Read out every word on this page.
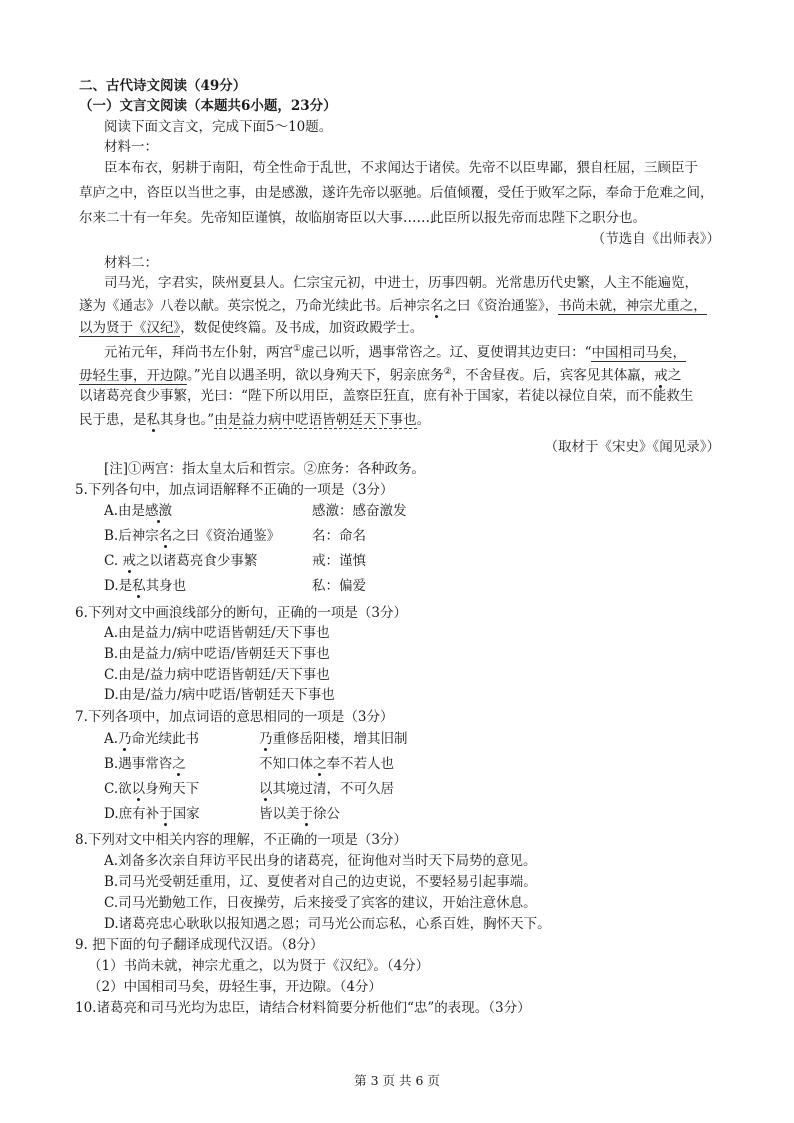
二、古代诗文阅读（49分）
（一）文言文阅读（本题共6小题，23分）
阅读下面文言文，完成下面5～10题。
材料一：
臣本布衣，躬耕于南阳，苟全性命于乱世，不求闻达于诸侯。先帝不以臣卑鄙，猥自枉屈，三顾臣于
草庐之中，咨臣以当世之事，由是感激，遂许先帝以驱驰。后值倾覆，受任于败军之际，奉命于危难之间，
尔来二十有一年矣。先帝知臣谨慎，故临崩寄臣以大事……此臣所以报先帝而忠陛下之职分也。
（节选自《出师表》）
材料二：
司马光，字君实，陕州夏县人。仁宗宝元初，中进士，历事四朝。光常患历代史繁，人主不能遍览，
遂为《通志》八卷以献。英宗悦之，乃命光续此书。后神宗名之曰《资治通鉴》，书尚未就，神宗尤重之，
以为贤于《汉纪》，数促使终篇。及书成，加资政殿学士。
元祐元年，拜尚书左仆射，两宫①虚己以听，遇事常咨之。辽、夏使谓其边吏曰：“中国相司马矣，
毋轻生事，开边隙。”光自以遇圣明，欲以身殉天下，躬亲庶务②，不舍昼夜。后，宾客见其体羸，戒之
以诸葛亮食少事繁，光曰：“陛下所以用臣，盖察臣狂直，庶有补于国家，若徒以禄位自荣，而不能救生
民于患，是私其身也。”由是益力病中呓语皆朝廷天下事也。
（取材于《宋史》《闻见录》）
[注]①两宫：指太皇太后和哲宗。②庶务：各种政务。
5.下列各句中，加点词语解释不正确的一项是（3分）
A.由是感激	感激：感奋激发
B.后神宗名之曰《资治通鉴》 名：命名
C. 戒之以诸葛亮食少事繁	戒：谨慎
D.是私其身也	私：偏爱
6.下列对文中画浪线部分的断句，正确的一项是（3分）
A.由是益力/病中呓语皆朝廷/天下事也
B.由是益力/病中呓语/皆朝廷天下事也
C.由是/益力病中呓语皆朝廷/天下事也
D.由是/益力/病中呓语/皆朝廷天下事也
7.下列各项中，加点词语的意思相同的一项是（3分）
A.乃命光续此书	乃重修岳阳楼，增其旧制
B.遇事常咨之	不知口体之奉不若人也
C.欲以身殉天下	以其境过清，不可久居
D.庶有补于国家	皆以美于徐公
8.下列对文中相关内容的理解，不正确的一项是（3分）
A.刘备多次亲自拜访平民出身的诸葛亮，征询他对当时天下局势的意见。
B.司马光受朝廷重用，辽、夏使者对自己的边吏说，不要轻易引起事端。
C.司马光勤勉工作，日夜操劳，后来接受了宾客的建议，开始注意休息。
D.诸葛亮忠心耿耿以报知遇之恩；司马光公而忘私，心系百姓，胸怀天下。
9. 把下面的句子翻译成现代汉语。（8分）
（1）书尚未就，神宗尤重之，以为贤于《汉纪》。（4分）
（2）中国相司马矣，毋轻生事，开边隙。（4分）
10.诸葛亮和司马光均为忠臣，请结合材料简要分析他们“忠”的表现。（3分）
第 3 页 共 6 页
